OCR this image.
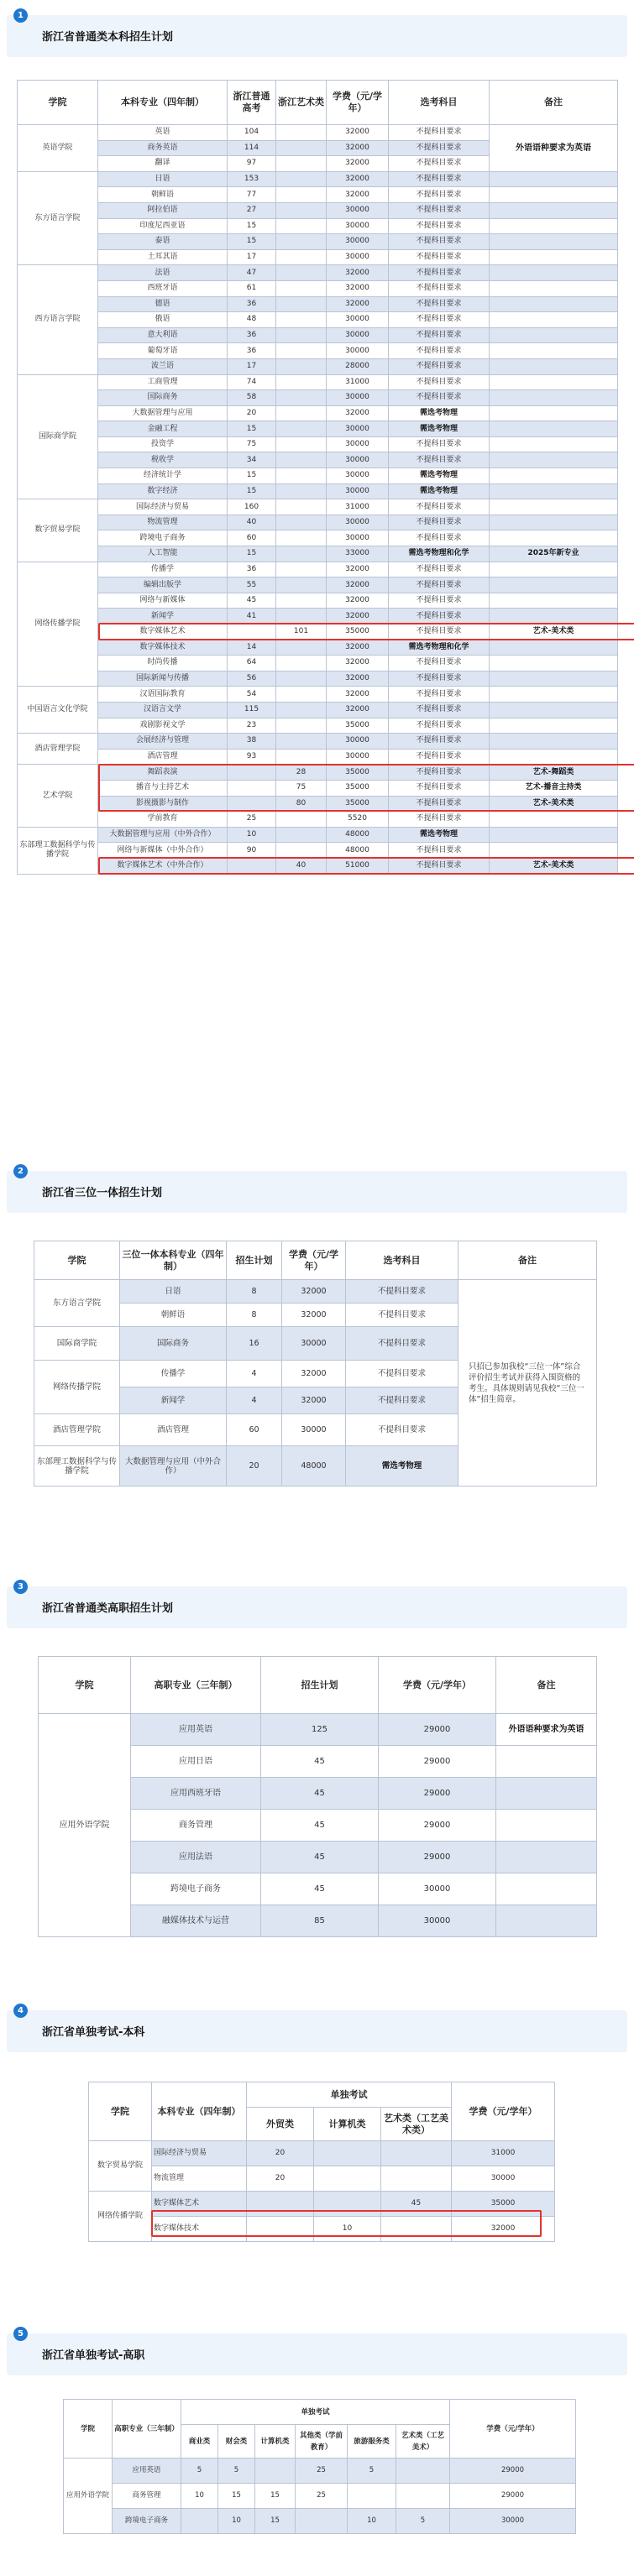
1
浙江省普通类本科招生计划
学院	本科专业（四年制）	浙江普通高考	浙江艺术类	学费（元/学年）	选考科目	备注
英语学院	英语	104		32000	不提科目要求	外语语种要求为英语
	商务英语	114		32000	不提科目要求	
	翻译	97		32000	不提科目要求	
东方语言学院	日语	153		32000	不提科目要求	
	朝鲜语	77		32000	不提科目要求	
	阿拉伯语	27		30000	不提科目要求	
	印度尼西亚语	15		30000	不提科目要求	
	泰语	15		30000	不提科目要求	
	土耳其语	17		30000	不提科目要求	
西方语言学院	法语	47		32000	不提科目要求	
	西班牙语	61		32000	不提科目要求	
	德语	36		32000	不提科目要求	
	俄语	48		30000	不提科目要求	
	意大利语	36		30000	不提科目要求	
	葡萄牙语	36		30000	不提科目要求	
	波兰语	17		28000	不提科目要求	
国际商学院	工商管理	74		31000	不提科目要求	
	国际商务	58		30000	不提科目要求	
	大数据管理与应用	20		32000	需选考物理	
	金融工程	15		30000	需选考物理	
	投资学	75		30000	不提科目要求	
	税收学	34		30000	不提科目要求	
	经济统计学	15		30000	需选考物理	
	数字经济	15		30000	需选考物理	
数字贸易学院	国际经济与贸易	160		31000	不提科目要求	
	物流管理	40		30000	不提科目要求	
	跨境电子商务	60		30000	不提科目要求	
	人工智能	15		33000	需选考物理和化学	2025年新专业
网络传播学院	传播学	36		32000	不提科目要求	
	编辑出版学	55		32000	不提科目要求	
	网络与新媒体	45		32000	不提科目要求	
	新闻学	41		32000	不提科目要求	
	数字媒体艺术		101	35000	不提科目要求	艺术-美术类
	数字媒体技术	14		32000	需选考物理和化学	
	时尚传播	64		32000	不提科目要求	
	国际新闻与传播	56		32000	不提科目要求	
中国语言文化学院	汉语国际教育	54		32000	不提科目要求	
	汉语言文学	115		32000	不提科目要求	
	戏剧影视文学	23		35000	不提科目要求	
酒店管理学院	会展经济与管理	38		30000	不提科目要求	
	酒店管理	93		30000	不提科目要求	
艺术学院	舞蹈表演		28	35000	不提科目要求	艺术-舞蹈类
	播音与主持艺术		75	35000	不提科目要求	艺术-播音主持类
	影视摄影与制作		80	35000	不提科目要求	艺术-美术类
	学前教育	25		5520	不提科目要求	
东部理工数据科学与传播学院	大数据管理与应用（中外合作）	10		48000	需选考物理	
	网络与新媒体（中外合作）	90		48000	不提科目要求	
	数字媒体艺术（中外合作）		40	51000	不提科目要求	艺术-美术类
2
浙江省三位一体招生计划
学院	三位一体本科专业（四年制）	招生计划	学费（元/学年）	选考科目	备注
东方语言学院	日语	8	32000	不提科目要求	只招已参加我校“三位一体”综合评价招生考试并获得入围资格的考生。具体规则请见我校“三位一体”招生简章。
	朝鲜语	8	32000	不提科目要求	
国际商学院	国际商务	16	30000	不提科目要求	
网络传播学院	传播学	4	32000	不提科目要求	
	新闻学	4	32000	不提科目要求	
酒店管理学院	酒店管理	60	30000	不提科目要求	
东部理工数据科学与传播学院	大数据管理与应用（中外合作）	20	48000	需选考物理	
3
浙江省普通类高职招生计划
学院	高职专业（三年制）	招生计划	学费（元/学年）	备注
应用外语学院	应用英语	125	29000	外语语种要求为英语
	应用日语	45	29000	
	应用西班牙语	45	29000	
	商务管理	45	29000	
	应用法语	45	29000	
	跨境电子商务	45	30000	
	融媒体技术与运营	85	30000	
4
浙江省单独考试-本科
学院	本科专业（四年制）	单独考试			学费（元/学年）
		外贸类	计算机类	艺术类（工艺美术类）	
数字贸易学院	国际经济与贸易	20			31000
	物流管理	20			30000
网络传播学院	数字媒体艺术			45	35000
	数字媒体技术		10		32000
5
浙江省单独考试-高职
学院	高职专业（三年制）	单独考试						学费（元/学年）
		商业类	财会类	计算机类	其他类（学前教育）	旅游服务类	艺术类（工艺美术）	
应用外语学院	应用英语	5	5		25	5		29000
	商务管理	10	15	15	25			29000
	跨境电子商务		10	15		10	5	30000
